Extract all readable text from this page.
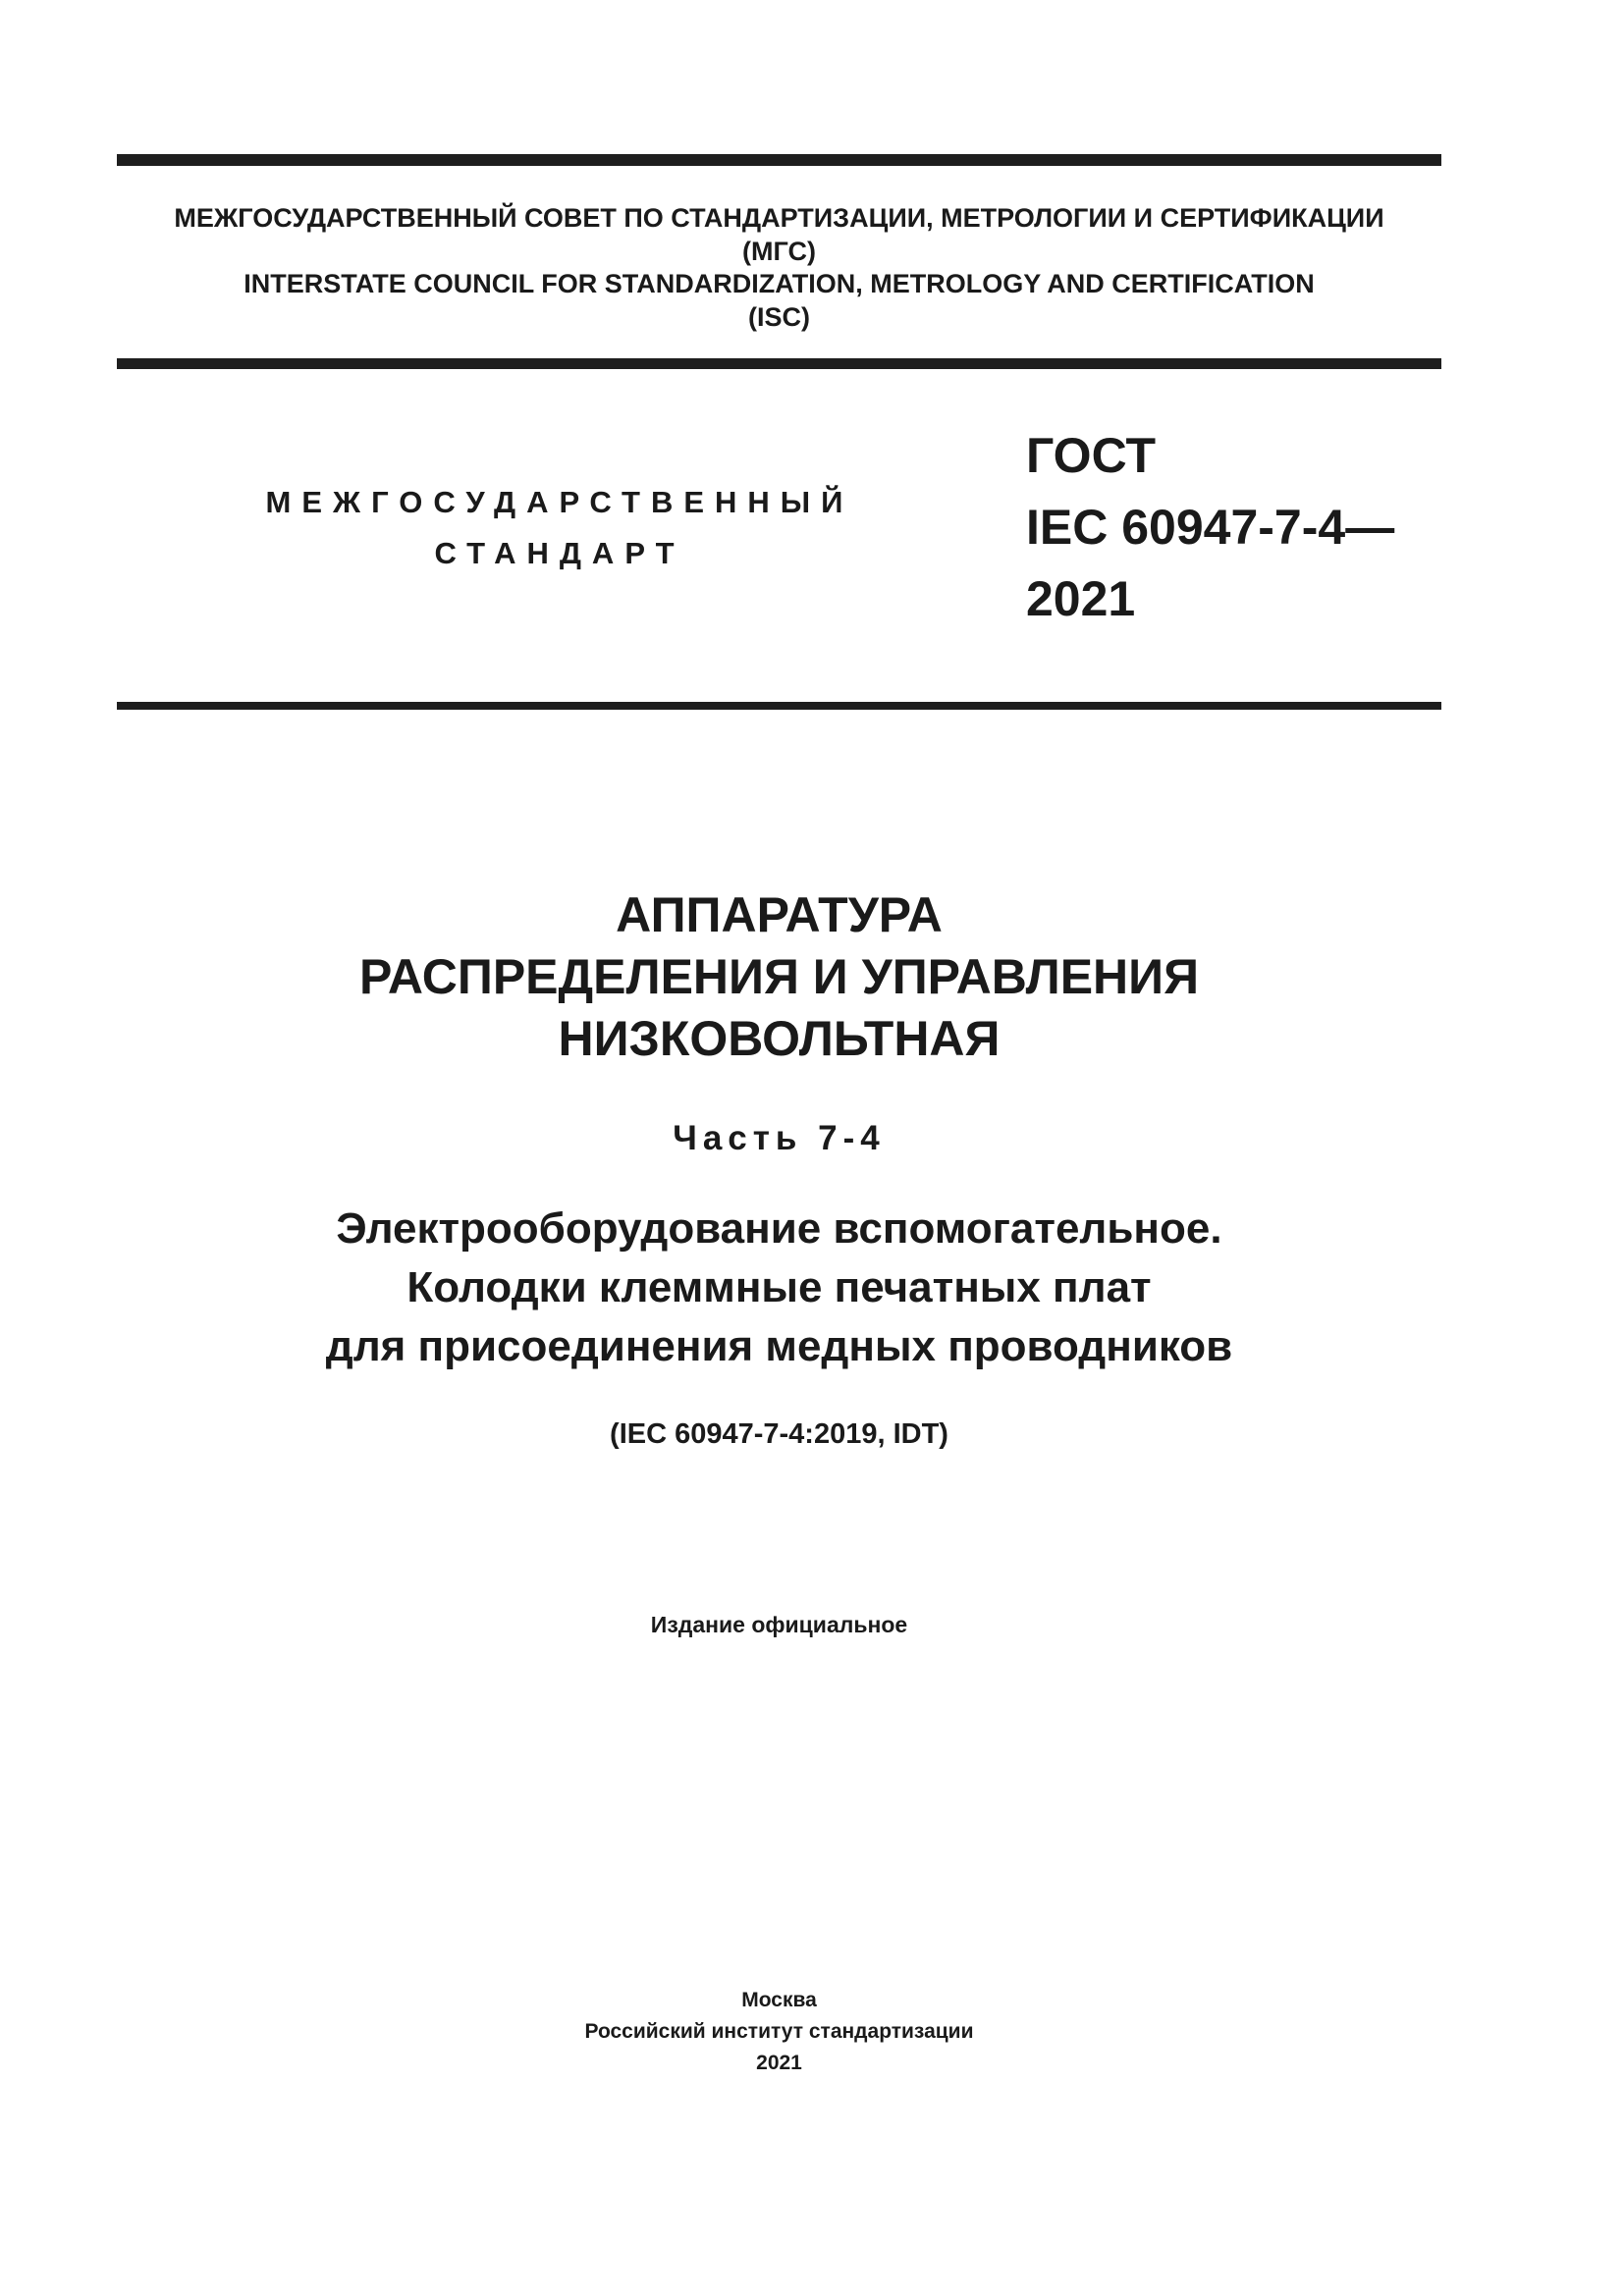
МЕЖГОСУДАРСТВЕННЫЙ СОВЕТ ПО СТАНДАРТИЗАЦИИ, МЕТРОЛОГИИ И СЕРТИФИКАЦИИ
(МГС)
INTERSTATE COUNCIL FOR STANDARDIZATION, METROLOGY AND CERTIFICATION
(ISC)
МЕЖГОСУДАРСТВЕННЫЙ
СТАНДАРТ
ГОСТ
IEC 60947-7-4—
2021
АППАРАТУРА
РАСПРЕДЕЛЕНИЯ И УПРАВЛЕНИЯ
НИЗКОВОЛЬТНАЯ
Часть 7-4
Электрооборудование вспомогательное.
Колодки клеммные печатных плат
для присоединения медных проводников
(IEC 60947-7-4:2019, IDT)
Издание официальное
Москва
Российский институт стандартизации
2021
